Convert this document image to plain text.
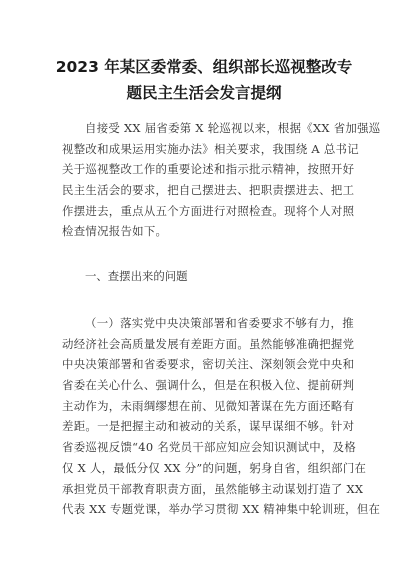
2023 年某区委常委、组织部长巡视整改专
题民主生活会发言提纲
自接受 XX 届省委第 X 轮巡视以来，根据《XX 省加强巡
视整改和成果运用实施办法》相关要求，我围绕 A 总书记
关于巡视整改工作的重要论述和指示批示精神，按照开好
民主生活会的要求，把自己摆进去、把职责摆进去、把工
作摆进去，重点从五个方面进行对照检查。现将个人对照
检查情况报告如下。
一、查摆出来的问题
（一）落实党中央决策部署和省委要求不够有力，推
动经济社会高质量发展有差距方面。虽然能够准确把握党
中央决策部署和省委要求，密切关注、深刻领会党中央和
省委在关心什么、强调什么，但是在积极入位、提前研判
主动作为，未雨绸缪想在前、见微知著谋在先方面还略有
差距。一是把握主动和被动的关系，谋早谋细不够。针对
省委巡视反馈“40 名党员干部应知应会知识测试中，及格
仅 X 人，最低分仅 XX 分”的问题，躬身自省，组织部门在
承担党员干部教育职责方面，虽然能够主动谋划打造了 XX
代表 XX 专题党课，举办学习贯彻 XX 精神集中轮训班，但在
